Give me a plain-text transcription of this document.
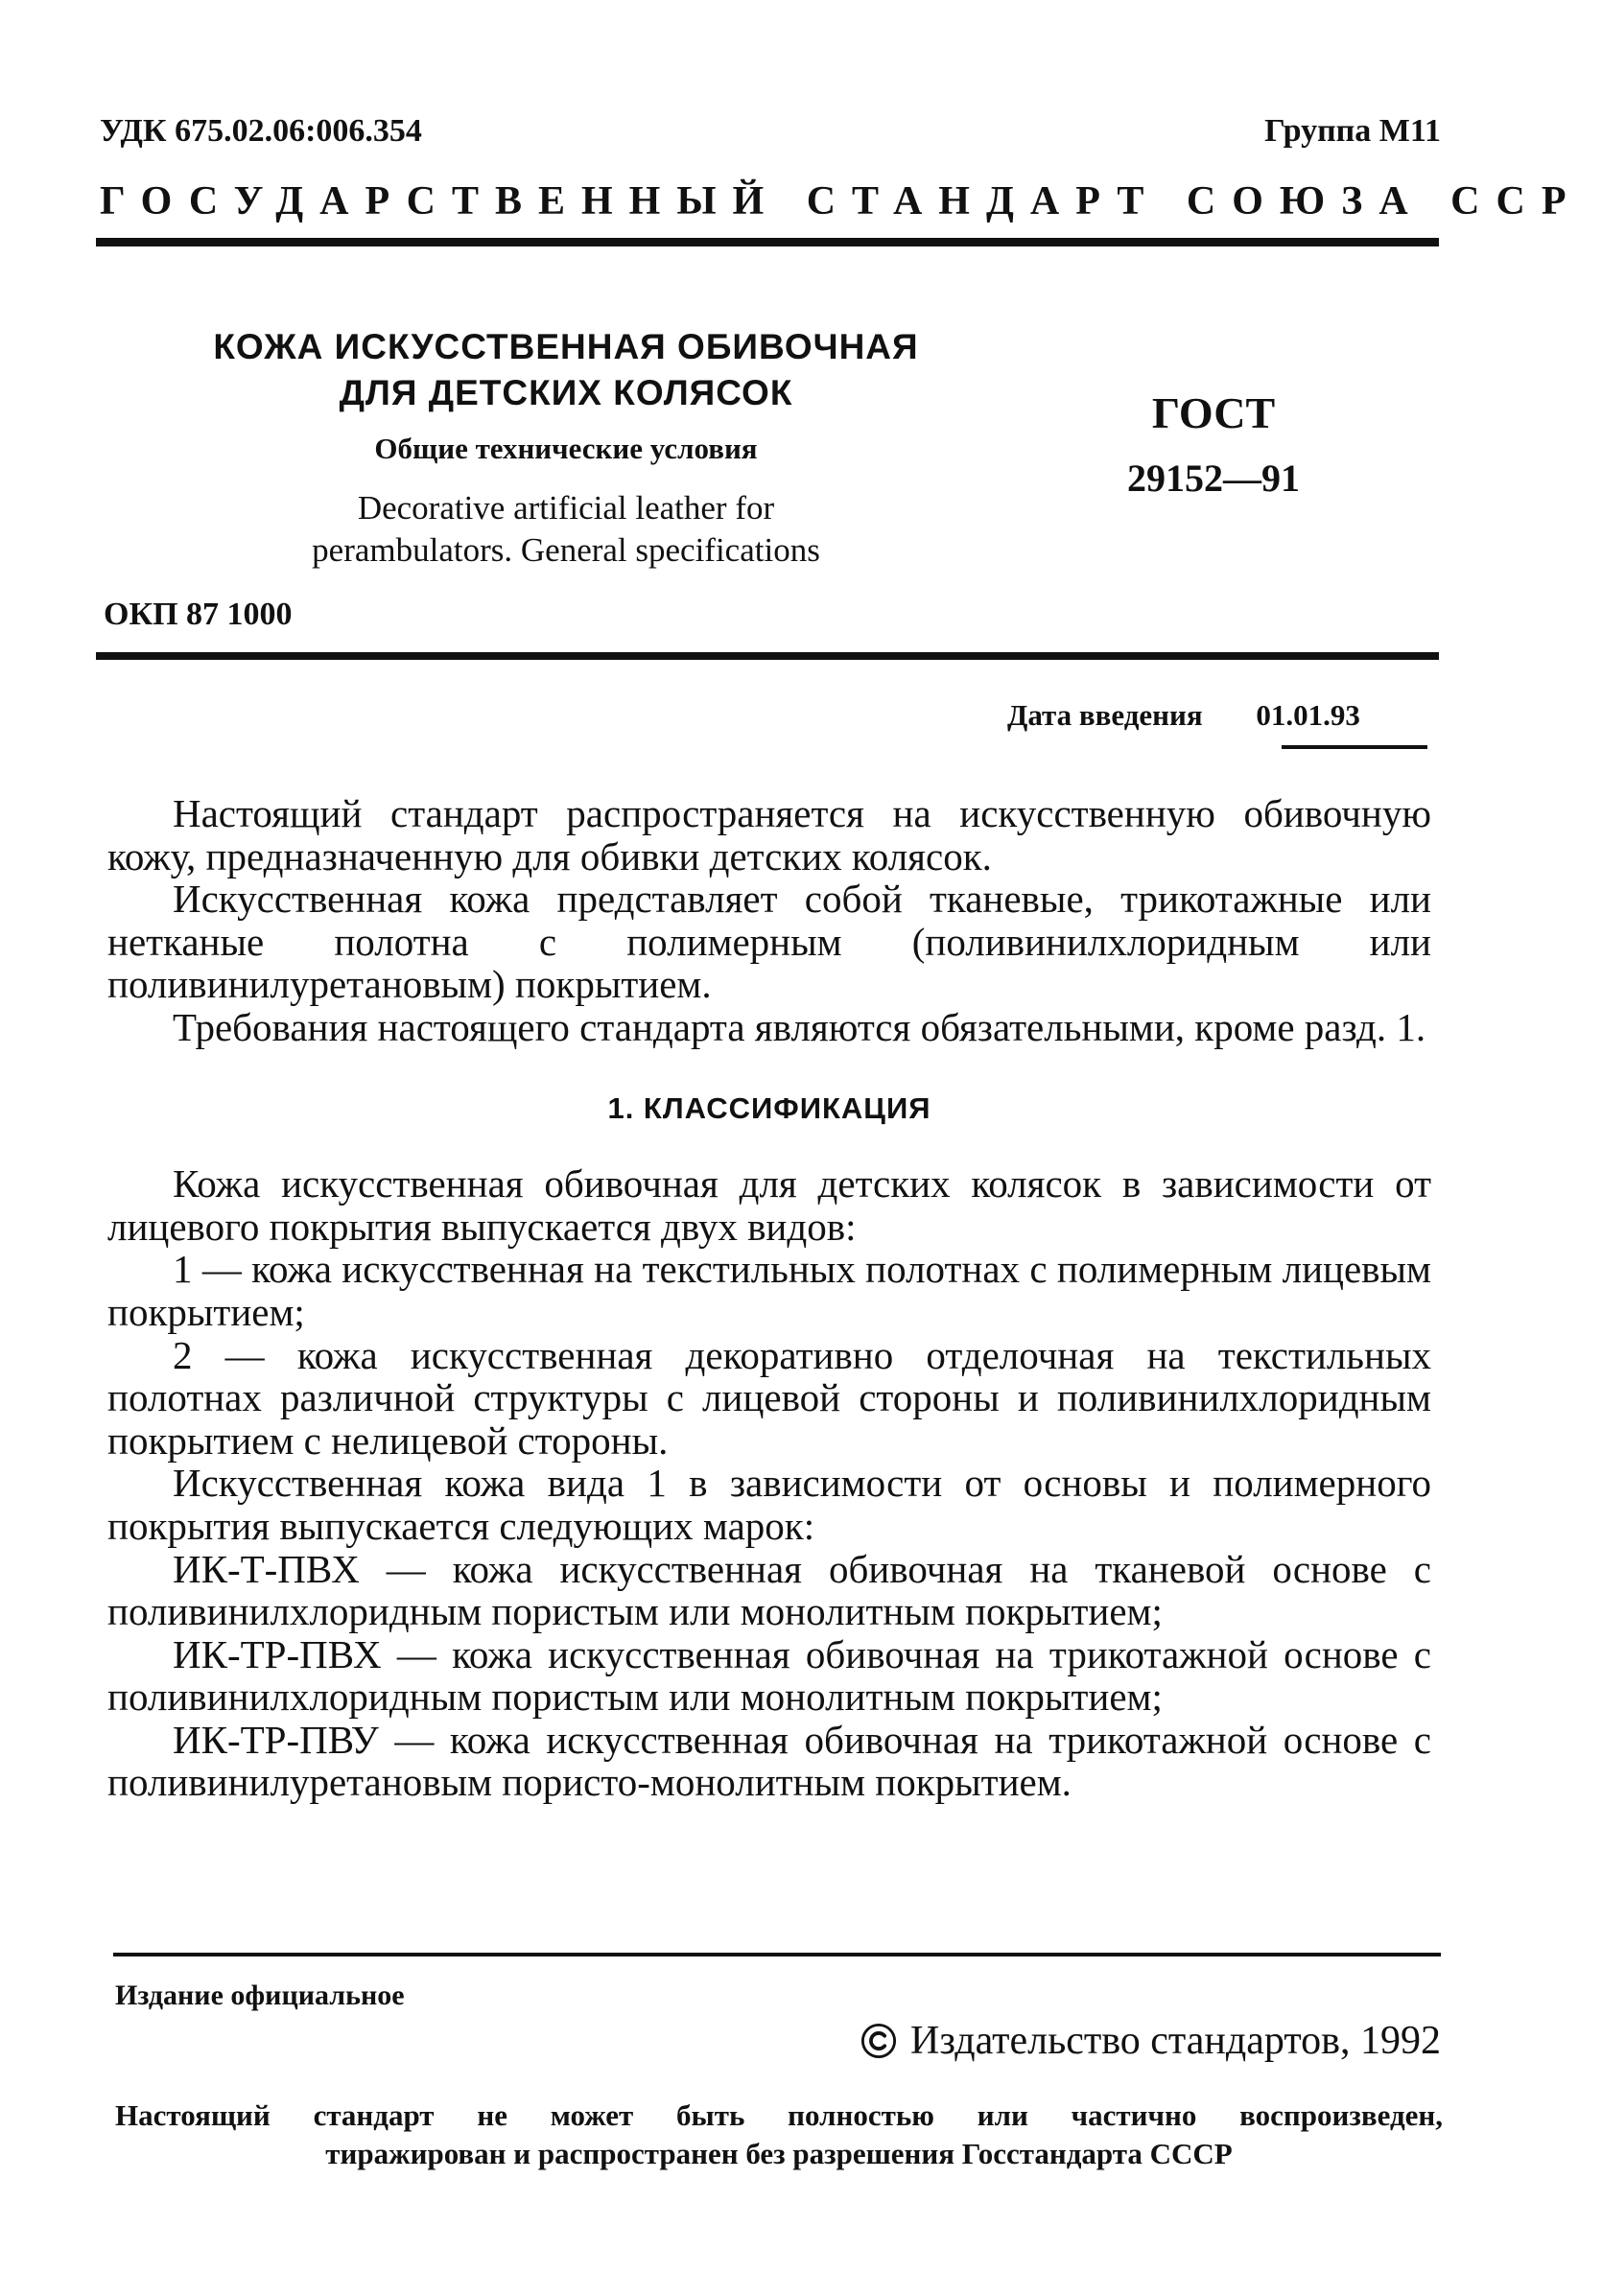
УДК 675.02.06:006.354	Группа М11
ГОСУДАРСТВЕННЫЙ СТАНДАРТ СОЮЗА ССР
КОЖА ИСКУССТВЕННАЯ ОБИВОЧНАЯ
ДЛЯ ДЕТСКИХ КОЛЯСОК
Общие технические условия
Decorative artificial leather for
perambulators. General specifications
ГОСТ
29152—91
ОКП 87 1000
Дата введения 01.01.93

Настоящий стандарт распространяется на искусственную обивочную кожу, предназначенную для обивки детских колясок.

Искусственная кожа представляет собой тканевые, трикотажные или нетканые полотна с полимерным (поливинилхлоридным или поливинилуретановым) покрытием.

Требования настоящего стандарта являются обязательными, кроме разд. 1.

1. КЛАССИФИКАЦИЯ

Кожа искусственная обивочная для детских колясок в зависимости от лицевого покрытия выпускается двух видов:

1 — кожа искусственная на текстильных полотнах с полимерным лицевым покрытием;

2 — кожа искусственная декоративно отделочная на текстильных полотнах различной структуры с лицевой стороны и поливинилхлоридным покрытием с нелицевой стороны.

Искусственная кожа вида 1 в зависимости от основы и полимерного покрытия выпускается следующих марок:

ИК-Т-ПВХ — кожа искусственная обивочная на тканевой основе с поливинилхлоридным пористым или монолитным покрытием;

ИК-ТР-ПВХ — кожа искусственная обивочная на трикотажной основе с поливинилхлоридным пористым или монолитным покрытием;

ИК-ТР-ПВУ — кожа искусственная обивочная на трикотажной основе с поливинилуретановым пористо-монолитным покрытием.

Издание официальное
Издательство стандартов, 1992
Настоящий стандарт не может быть полностью или частично воспроизведен,
тиражирован и распространен без разрешения Госстандарта СССР
